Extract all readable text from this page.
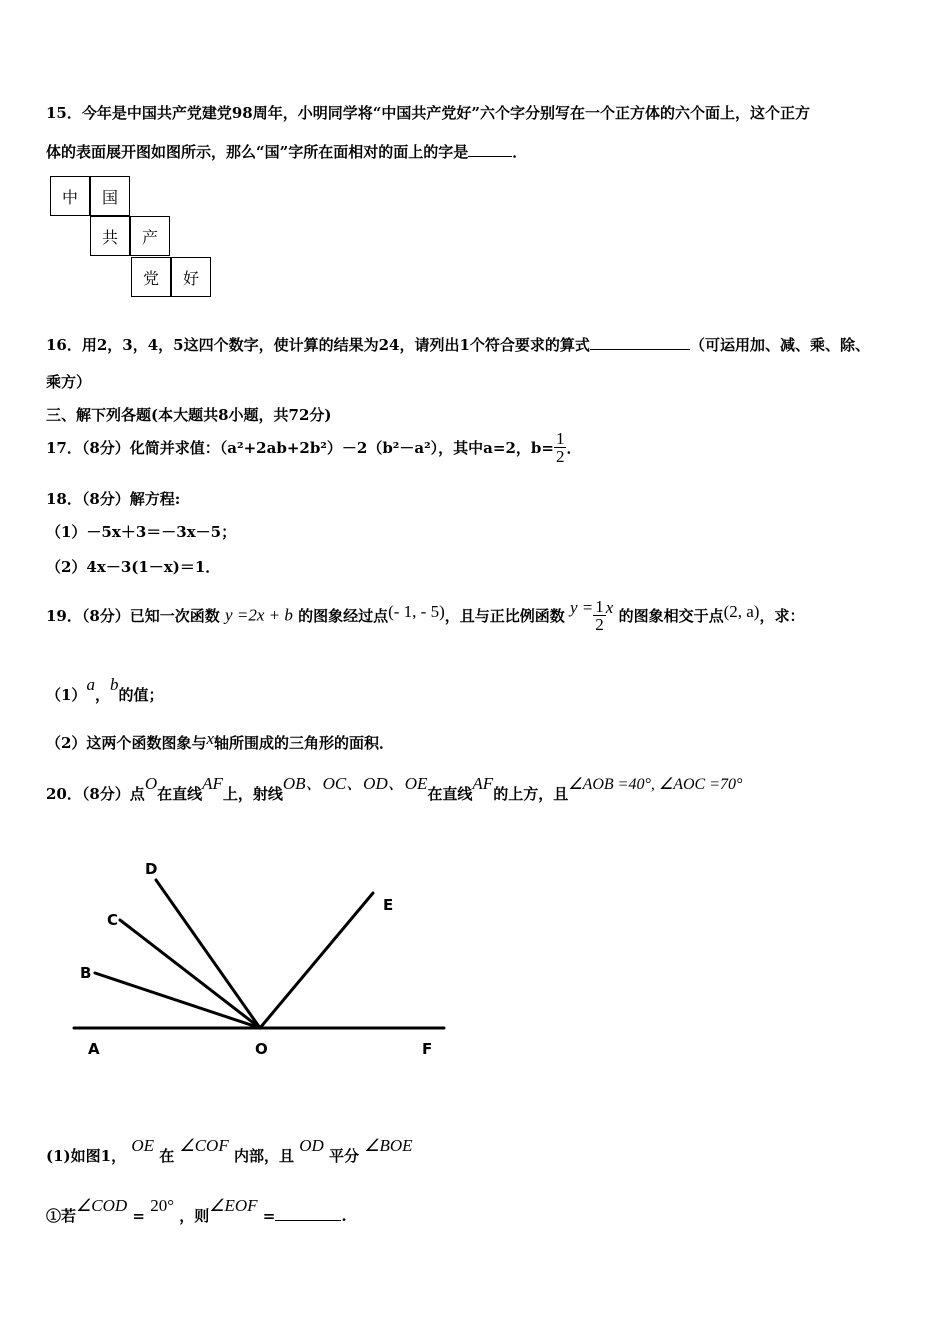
15．今年是中国共产党建党98周年，小明同学将“中国共产党好”六个字分别写在一个正方体的六个面上，这个正方
体的表面展开图如图所示，那么“国”字所在面相对的面上的字是	．
中	国
共	产
党	好
16．用2，3，4，5这四个数字，使计算的结果为24，请列出1个符合要求的算式	（可运用加、减、乘、除、
乘方）
三、解下列各题(本大题共8小题，共72分)
17．（8分）化简并求值：（a²+2ab+2b²）－2（b²－a²），其中a=2，$b= \frac{1}{2}$ ．
18．（8分）解方程:
（1）－5x＋3＝－3x－5；
（2）4x－3(1－x)＝1．
19．（8分）已知一次函数 y =2x + b 的图象经过点(- 1, - 5)，且与正比例函数 $y = \frac{1}{2}$ x 的图象相交于点(2, a)，求：
（1）a，b的值；
（2）这两个函数图象与x轴所围成的三角形的面积．
20．（8分）点O在直线AF上，射线OB、OC、OD、OE在直线AF的上方，且∠AOB =40°, ∠AOC =70°
A	O	F
B
C
D
E
(1)如图1， OE 在 ∠COF 内部，且 OD 平分 ∠BOE
①若∠COD = 20° ，则∠EOF =	.
